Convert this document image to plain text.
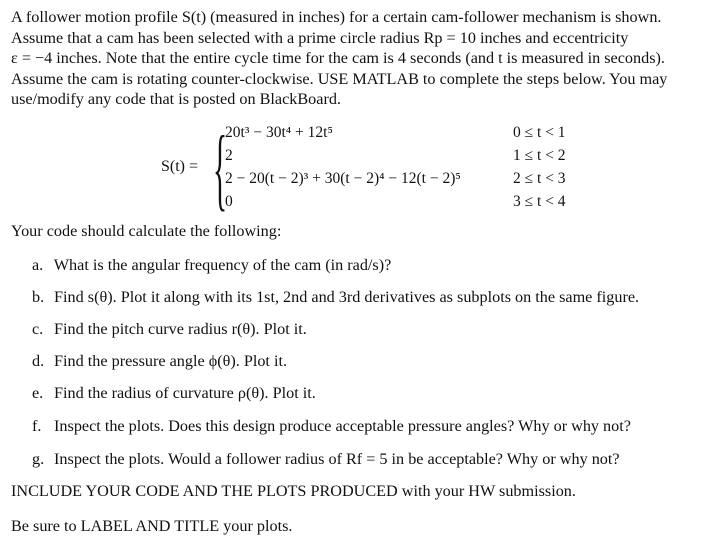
A follower motion profile S(t) (measured in inches) for a certain cam-follower mechanism is shown.
Assume that a cam has been selected with a prime circle radius Rp = 10 inches and eccentricity
ε = −4 inches. Note that the entire cycle time for the cam is 4 seconds (and t is measured in seconds).
Assume the cam is rotating counter-clockwise. USE MATLAB to complete the steps below. You may
use/modify any code that is posted on BlackBoard.
S(t) = {
20t³ − 30t⁴ + 12t⁵	0 ≤ t < 1
2	1 ≤ t < 2
2 − 20(t − 2)³ + 30(t − 2)⁴ − 12(t − 2)⁵	2 ≤ t < 3
0	3 ≤ t < 4
Your code should calculate the following:
a. What is the angular frequency of the cam (in rad/s)?
b. Find s(θ). Plot it along with its 1st, 2nd and 3rd derivatives as subplots on the same figure.
c. Find the pitch curve radius r(θ). Plot it.
d. Find the pressure angle ϕ(θ). Plot it.
e. Find the radius of curvature ρ(θ). Plot it.
f. Inspect the plots. Does this design produce acceptable pressure angles? Why or why not?
g. Inspect the plots. Would a follower radius of Rf = 5 in be acceptable? Why or why not?
INCLUDE YOUR CODE AND THE PLOTS PRODUCED with your HW submission.
Be sure to LABEL AND TITLE your plots.
